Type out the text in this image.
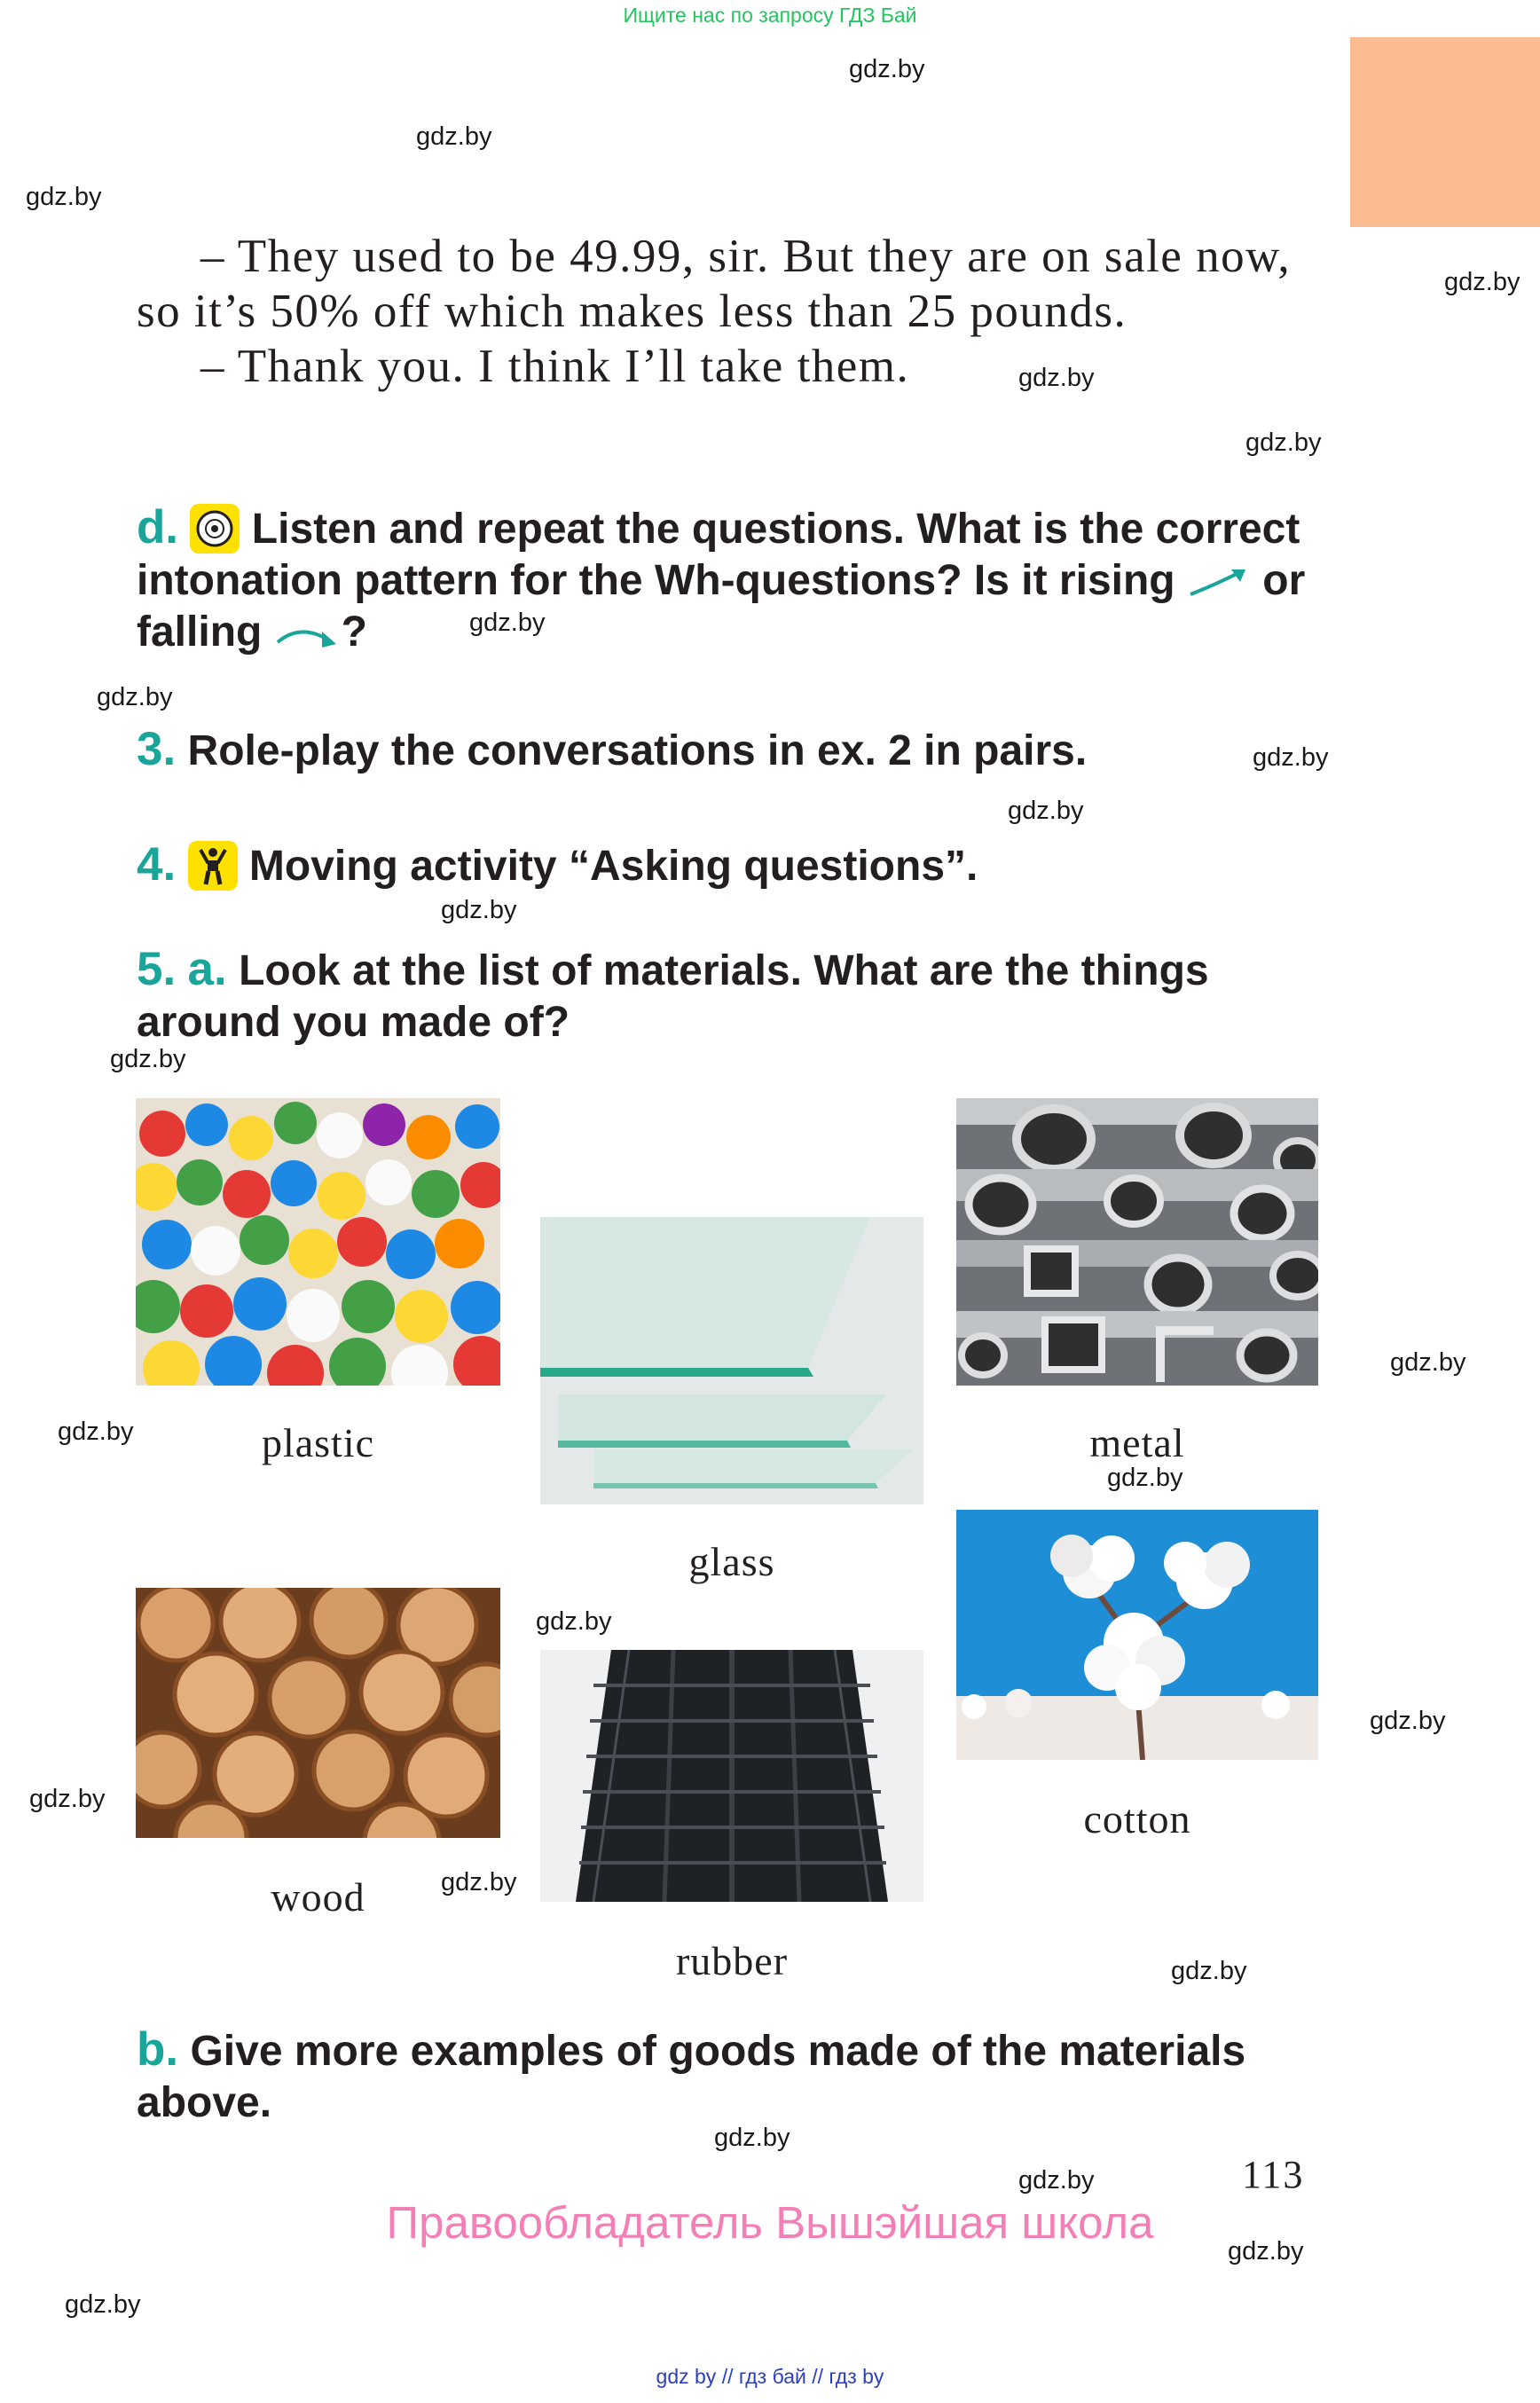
Ищите нас по запросу ГДЗ Бай
gdz.by
gdz.by
gdz.by
gdz.by
gdz.by
gdz.by
gdz.by
gdz.by
gdz.by
gdz.by
gdz.by
gdz.by
gdz.by
gdz.by
gdz.by
gdz.by
gdz.by
gdz.by
gdz.by
gdz.by
gdz.by
gdz.by
gdz.by
gdz.by

– They used to be 49.99, sir. But they are on sale now, so it’s 50% off which makes less than 25 pounds.

– Thank you. I think I’ll take them.

d. Listen and repeat the questions. What is the correct intonation pattern for the Wh-questions? Is it rising or falling ?
3. Role-play the conversations in ex. 2 in pairs.
4. Moving activity “Asking questions”.
5. a. Look at the list of materials. What are the things around you made of?
plastic	metal
glass
cotton
wood
rubber
b. Give more examples of goods made of the materials above.
113
Правообладатель Вышэйшая школа
gdz by // гдз бай // гдз by
